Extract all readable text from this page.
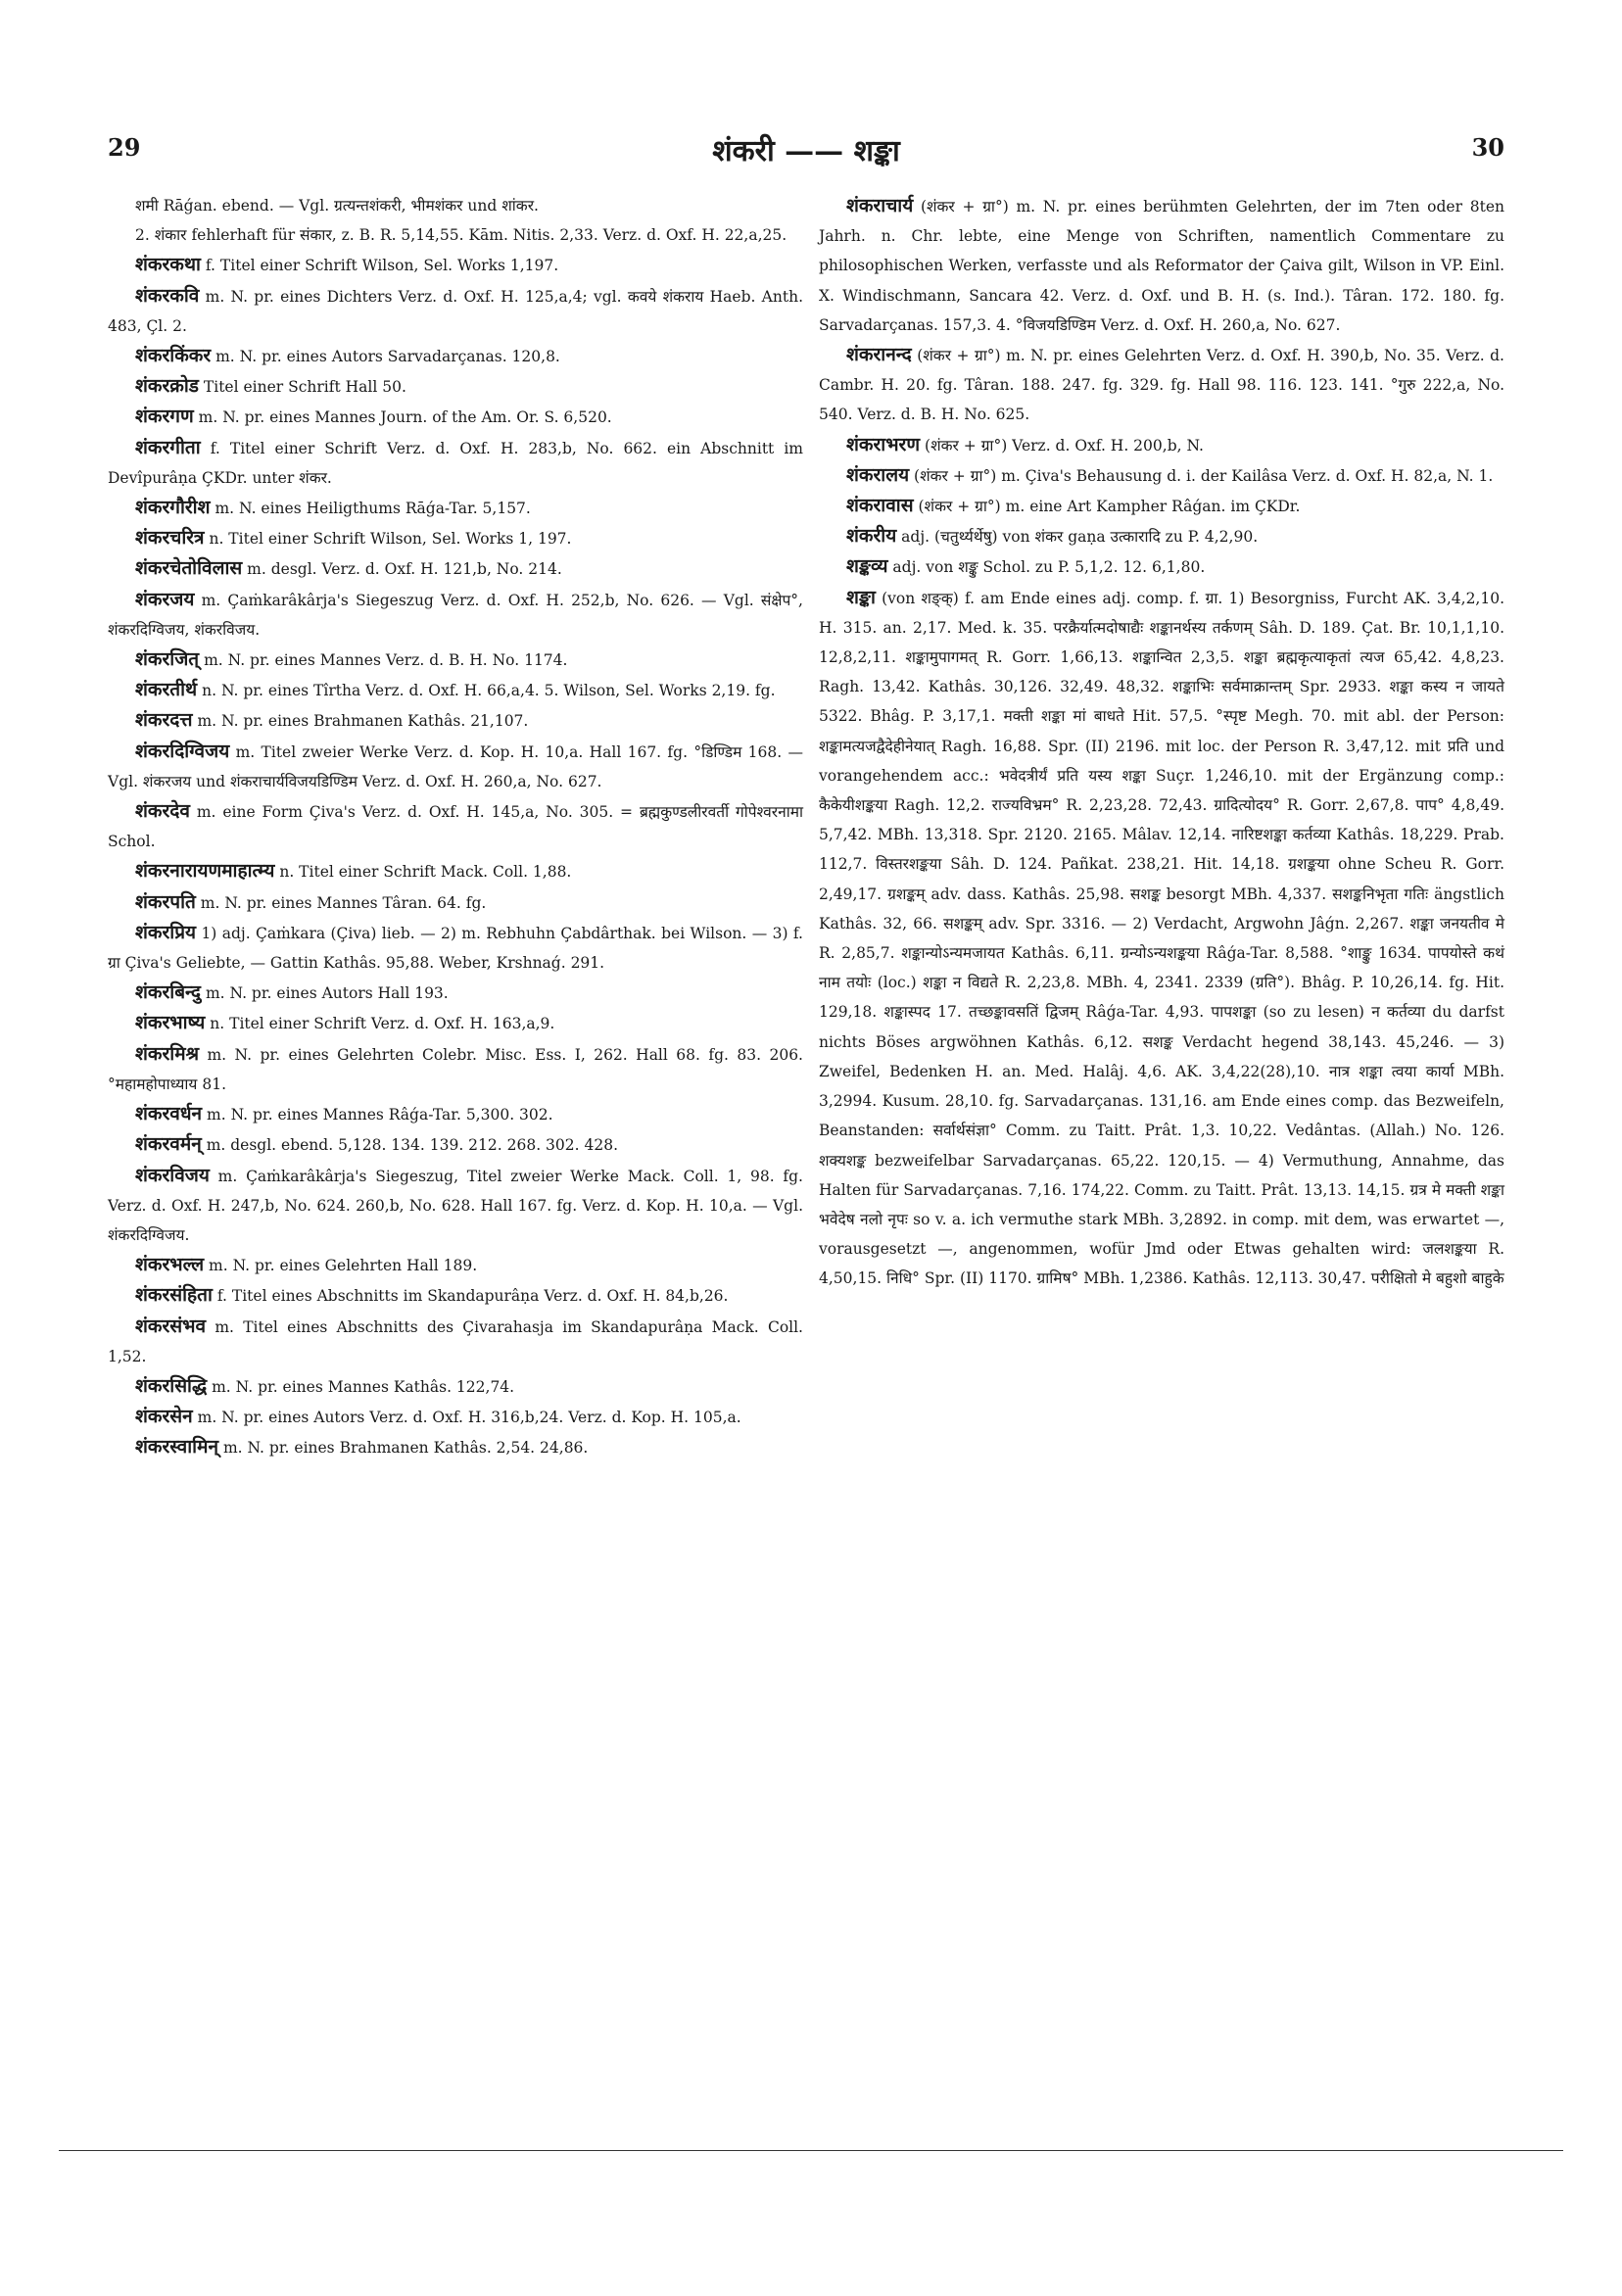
29	शंकरी —— शङ्का	30

शमी Rāǵan. ebend. — Vgl. ग्रत्यन्तशंकरी, भीमशंकर und शांकर.

2. शंकार fehlerhaft für संकार, z. B. R. 5,14,55. Kām. Nitis. 2,33. Verz. d. Oxf. H. 22,a,25.

शंकरकथा f. Titel einer Schrift Wilson, Sel. Works 1,197.

शंकरकवि m. N. pr. eines Dichters Verz. d. Oxf. H. 125,a,4; vgl. कवये शंकराय Haeb. Anth. 483, Çl. 2.

शंकरकिंकर m. N. pr. eines Autors Sarvadarçanas. 120,8.

शंकरक्रोड Titel einer Schrift Hall 50.

शंकरगण m. N. pr. eines Mannes Journ. of the Am. Or. S. 6,520.

शंकरगीता f. Titel einer Schrift Verz. d. Oxf. H. 283,b, No. 662. ein Abschnitt im Devîpurâṇa ÇKDr. unter शंकर.

शंकरगौरीश m. N. eines Heiligthums Rāǵa-Tar. 5,157.

शंकरचरित्र n. Titel einer Schrift Wilson, Sel. Works 1, 197.

शंकरचेतोविलास m. desgl. Verz. d. Oxf. H. 121,b, No. 214.

शंकरजय m. Çaṁkarâkârja's Siegeszug Verz. d. Oxf. H. 252,b, No. 626. — Vgl. संक्षेप°, शंकरदिग्विजय, शंकरविजय.

शंकरजित् m. N. pr. eines Mannes Verz. d. B. H. No. 1174.

शंकरतीर्थ n. N. pr. eines Tîrtha Verz. d. Oxf. H. 66,a,4. 5. Wilson, Sel. Works 2,19. fg.

शंकरदत्त m. N. pr. eines Brahmanen Kathâs. 21,107.

शंकरदिग्विजय m. Titel zweier Werke Verz. d. Kop. H. 10,a. Hall 167. fg. °डिण्डिम 168. — Vgl. शंकरजय und शंकराचार्यविजयडिण्डिम Verz. d. Oxf. H. 260,a, No. 627.

शंकरदेव m. eine Form Çiva's Verz. d. Oxf. H. 145,a, No. 305. = ब्रह्मकुण्डलीरवर्ती गोपेश्वरनामा Schol.

शंकरनारायणमाहात्म्य n. Titel einer Schrift Mack. Coll. 1,88.

शंकरपति m. N. pr. eines Mannes Târan. 64. fg.

शंकरप्रिय 1) adj. Çaṁkara (Çiva) lieb. — 2) m. Rebhuhn Çabdârthak. bei Wilson. — 3) f. ग्रा Çiva's Geliebte, — Gattin Kathâs. 95,88. Weber, Krshnaǵ. 291.

शंकरबिन्दु m. N. pr. eines Autors Hall 193.

शंकरभाष्य n. Titel einer Schrift Verz. d. Oxf. H. 163,a,9.

शंकरमिश्र m. N. pr. eines Gelehrten Colebr. Misc. Ess. I, 262. Hall 68. fg. 83. 206. °महामहोपाध्याय 81.

शंकरवर्धन m. N. pr. eines Mannes Râǵa-Tar. 5,300. 302.

शंकरवर्मन् m. desgl. ebend. 5,128. 134. 139. 212. 268. 302. 428.

शंकरविजय m. Çaṁkarâkârja's Siegeszug, Titel zweier Werke Mack. Coll. 1, 98. fg. Verz. d. Oxf. H. 247,b, No. 624. 260,b, No. 628. Hall 167. fg. Verz. d. Kop. H. 10,a. — Vgl. शंकरदिग्विजय.

शंकरभल्ल m. N. pr. eines Gelehrten Hall 189.

शंकरसंहिता f. Titel eines Abschnitts im Skandapurâṇa Verz. d. Oxf. H. 84,b,26.

शंकरसंभव m. Titel eines Abschnitts des Çivarahasja im Skandapurâṇa Mack. Coll. 1,52.

शंकरसिद्धि m. N. pr. eines Mannes Kathâs. 122,74.

शंकरसेन m. N. pr. eines Autors Verz. d. Oxf. H. 316,b,24. Verz. d. Kop. H. 105,a.

शंकरस्वामिन् m. N. pr. eines Brahmanen Kathâs. 2,54. 24,86.

शंकराचार्य (शंकर + ग्रा°) m. N. pr. eines berühmten Gelehrten, der im 7ten oder 8ten Jahrh. n. Chr. lebte, eine Menge von Schriften, namentlich Commentare zu philosophischen Werken, verfasste und als Reformator der Çaiva gilt, Wilson in VP. Einl. X. Windischmann, Sancara 42. Verz. d. Oxf. und B. H. (s. Ind.). Târan. 172. 180. fg. Sarvadarçanas. 157,3. 4. °विजयडिण्डिम Verz. d. Oxf. H. 260,a, No. 627.

शंकरानन्द (शंकर + ग्रा°) m. N. pr. eines Gelehrten Verz. d. Oxf. H. 390,b, No. 35. Verz. d. Cambr. H. 20. fg. Târan. 188. 247. fg. 329. fg. Hall 98. 116. 123. 141. °गुरु 222,a, No. 540. Verz. d. B. H. No. 625.

शंकराभरण (शंकर + ग्रा°) Verz. d. Oxf. H. 200,b, N.

शंकरालय (शंकर + ग्रा°) m. Çiva's Behausung d. i. der Kailâsa Verz. d. Oxf. H. 82,a, N. 1.

शंकरावास (शंकर + ग्रा°) m. eine Art Kampher Râǵan. im ÇKDr.

शंकरीय adj. (चतुर्थ्यर्थेषु) von शंकर gaṇa उत्कारादि zu P. 4,2,90.

शङ्कव्य adj. von शङ्कु Schol. zu P. 5,1,2. 12. 6,1,80.

शङ्का (von शङ्क्) f. am Ende eines adj. comp. f. ग्रा. 1) Besorgniss, Furcht AK. 3,4,2,10. H. 315. an. 2,17. Med. k. 35. परक्रैर्यात्मदोषाद्यैः शङ्कानर्थस्य तर्कणम् Sâh. D. 189. Çat. Br. 10,1,1,10. 12,8,2,11. शङ्कामुपागमत् R. Gorr. 1,66,13. शङ्कान्वित 2,3,5. शङ्का ब्रह्मकृत्याकृतां त्यज 65,42. 4,8,23. Ragh. 13,42. Kathâs. 30,126. 32,49. 48,32. शङ्काभिः सर्वमाक्रान्तम् Spr. 2933. शङ्का कस्य न जायते 5322. Bhâg. P. 3,17,1. मक्ती शङ्का मां बाधते Hit. 57,5. °स्पृष्ट Megh. 70. mit abl. der Person: शङ्कामत्यजद्वैदेहीनेयात् Ragh. 16,88. Spr. (II) 2196. mit loc. der Person R. 3,47,12. mit प्रति und vorangehendem acc.: भवेदत्रीर्यं प्रति यस्य शङ्का Suçr. 1,246,10. mit der Ergänzung comp.: कैकेयीशङ्कया Ragh. 12,2. राज्यविभ्रम° R. 2,23,28. 72,43. ग्रादित्योदय° R. Gorr. 2,67,8. पाप° 4,8,49. 5,7,42. MBh. 13,318. Spr. 2120. 2165. Mâlav. 12,14. नारिष्टशङ्का कर्तव्या Kathâs. 18,229. Prab. 112,7. विस्तरशङ्कया Sâh. D. 124. Pañkat. 238,21. Hit. 14,18. ग्रशङ्कया ohne Scheu R. Gorr. 2,49,17. ग्रशङ्कम् adv. dass. Kathâs. 25,98. सशङ्क besorgt MBh. 4,337. सशङ्कनिभृता गतिः ängstlich Kathâs. 32, 66. सशङ्कम् adv. Spr. 3316. — 2) Verdacht, Argwohn Jâǵn. 2,267. शङ्का जनयतीव मे R. 2,85,7. शङ्कान्योऽन्यमजायत Kathâs. 6,11. ग्रन्योऽन्यशङ्कया Râǵa-Tar. 8,588. °शाङ्कु 1634. पापयोस्ते कथं नाम तयोः (loc.) शङ्का न विद्यते R. 2,23,8. MBh. 4, 2341. 2339 (ग्रति°). Bhâg. P. 10,26,14. fg. Hit. 129,18. शङ्कास्पद 17. तच्छङ्कावसतिं द्विजम् Râǵa-Tar. 4,93. पापशङ्का (so zu lesen) न कर्तव्या du darfst nichts Böses argwöhnen Kathâs. 6,12. सशङ्क Verdacht hegend 38,143. 45,246. — 3) Zweifel, Bedenken H. an. Med. Halâj. 4,6. AK. 3,4,22(28),10. नात्र शङ्का त्वया कार्या MBh. 3,2994. Kusum. 28,10. fg. Sarvadarçanas. 131,16. am Ende eines comp. das Bezweifeln, Beanstanden: सर्वार्थसंज्ञा° Comm. zu Taitt. Prât. 1,3. 10,22. Vedântas. (Allah.) No. 126. शक्यशङ्क bezweifelbar Sarvadarçanas. 65,22. 120,15. — 4) Vermuthung, Annahme, das Halten für Sarvadarçanas. 7,16. 174,22. Comm. zu Taitt. Prât. 13,13. 14,15. ग्रत्र मे मक्ती शङ्का भवेदेष नलो नृपः so v. a. ich vermuthe stark MBh. 3,2892. in comp. mit dem, was erwartet —, vorausgesetzt —, angenommen, wofür Jmd oder Etwas gehalten wird: जलशङ्कया R. 4,50,15. निधि° Spr. (II) 1170. ग्रामिष° MBh. 1,2386. Kathâs. 12,113. 30,47. परीक्षितो मे बहुशो बाहुके
